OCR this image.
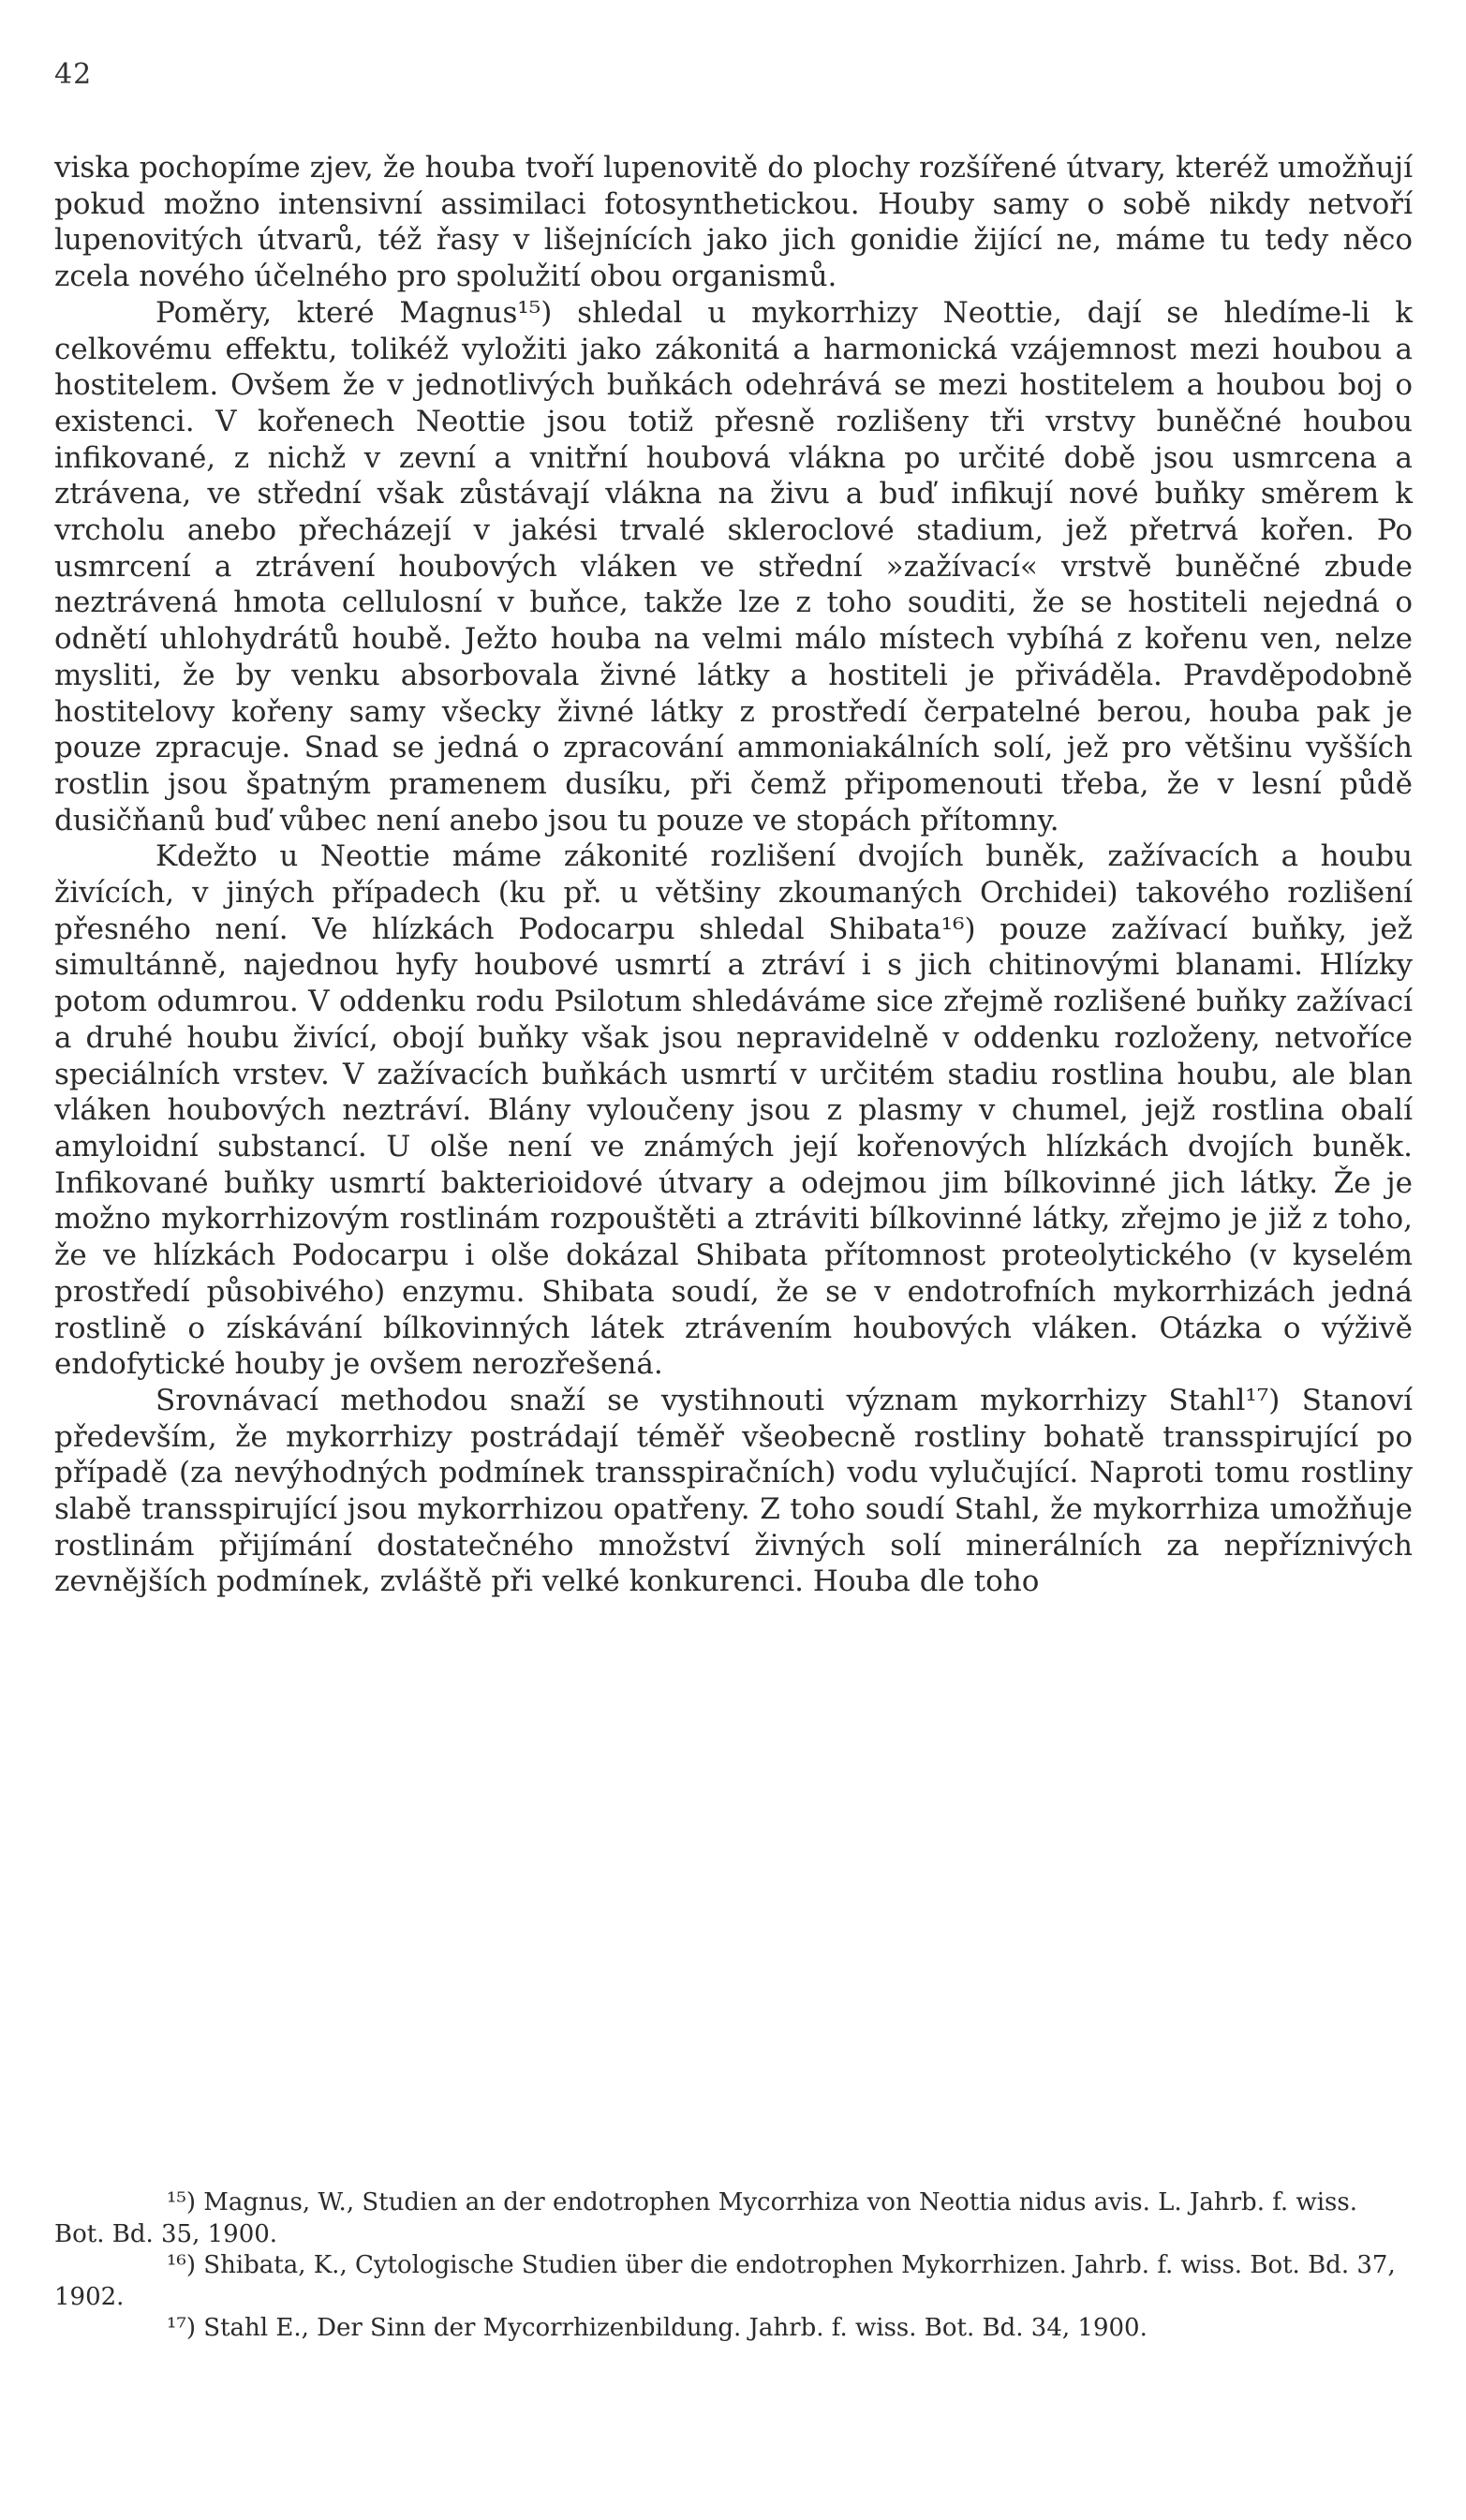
42

viska pochopíme zjev, že houba tvoří lupenovitě do plochy rozšířené útvary, kteréž umožňují pokud možno intensivní assimilaci fotosynthetickou. Houby samy o sobě nikdy netvoří lupenovitých útvarů, též řasy v lišejnících jako jich gonidie žijící ne, máme tu tedy něco zcela nového účelného pro spolužití obou organismů.

Poměry, které Magnus¹⁵) shledal u mykorrhizy Neottie, dají se hledíme-li k celkovému effektu, tolikéž vyložiti jako zákonitá a harmonická vzájemnost mezi houbou a hostitelem. Ovšem že v jednotlivých buňkách odehrává se mezi hostitelem a houbou boj o existenci. V kořenech Neottie jsou totiž přesně rozlišeny tři vrstvy buněčné houbou infikované, z nichž v zevní a vnitřní houbová vlákna po určité době jsou usmrcena a ztrávena, ve střední však zůstávají vlákna na živu a buď infikují nové buňky směrem k vrcholu anebo přecházejí v jakési trvalé skleroclové stadium, jež přetrvá kořen. Po usmrcení a ztrávení houbových vláken ve střední »zažívací« vrstvě buněčné zbude neztrávená hmota cellulosní v buňce, takže lze z toho souditi, že se hostiteli nejedná o odnětí uhlohydrátů houbě. Ježto houba na velmi málo místech vybíhá z kořenu ven, nelze mysliti, že by venku absorbovala živné látky a hostiteli je přiváděla. Pravděpodobně hostitelovy kořeny samy všecky živné látky z prostředí čerpatelné berou, houba pak je pouze zpracuje. Snad se jedná o zpracování ammoniakálních solí, jež pro většinu vyšších rostlin jsou špatným pramenem dusíku, při čemž připomenouti třeba, že v lesní půdě dusičňanů buď vůbec není anebo jsou tu pouze ve stopách přítomny.

Kdežto u Neottie máme zákonité rozlišení dvojích buněk, zažívacích a houbu živících, v jiných případech (ku př. u většiny zkoumaných Orchidei) takového rozlišení přesného není. Ve hlízkách Podocarpu shledal Shibata¹⁶) pouze zažívací buňky, jež simultánně, najednou hyfy houbové usmrtí a ztráví i s jich chitinovými blanami. Hlízky potom odumrou. V oddenku rodu Psilotum shledáváme sice zřejmě rozlišené buňky zažívací a druhé houbu živící, obojí buňky však jsou nepravidelně v oddenku rozloženy, netvoříce speciálních vrstev. V zažívacích buňkách usmrtí v určitém stadiu rostlina houbu, ale blan vláken houbových neztráví. Blány vyloučeny jsou z plasmy v chumel, jejž rostlina obalí amyloidní substancí. U olše není ve známých její kořenových hlízkách dvojích buněk. Infikované buňky usmrtí bakterioidové útvary a odejmou jim bílkovinné jich látky. Že je možno mykorrhizovým rostlinám rozpouštěti a ztráviti bílkovinné látky, zřejmo je již z toho, že ve hlízkách Podocarpu i olše dokázal Shibata přítomnost proteolytického (v kyselém prostředí působivého) enzymu. Shibata soudí, že se v endotrofních mykorrhizách jedná rostlině o získávání bílkovinných látek ztrávením houbových vláken. Otázka o výživě endofytické houby je ovšem nerozřešená.

Srovnávací methodou snaží se vystihnouti význam mykorrhizy Stahl¹⁷) Stanoví především, že mykorrhizy postrádají téměř všeobecně rostliny bohatě transspirující po případě (za nevýhodných podmínek transspiračních) vodu vylučující. Naproti tomu rostliny slabě transspirující jsou mykorrhizou opatřeny. Z toho soudí Stahl, že mykorrhiza umožňuje rostlinám přijímání dostatečného množství živných solí minerálních za nepříznivých zevnějších podmínek, zvláště při velké konkurenci. Houba dle toho

¹⁵) Magnus, W., Studien an der endotrophen Mycorrhiza von Neottia nidus avis. L. Jahrb. f. wiss. Bot. Bd. 35, 1900.

¹⁶) Shibata, K., Cytologische Studien über die endotrophen Mykorrhizen. Jahrb. f. wiss. Bot. Bd. 37, 1902.

¹⁷) Stahl E., Der Sinn der Mycorrhizenbildung. Jahrb. f. wiss. Bot. Bd. 34, 1900.
